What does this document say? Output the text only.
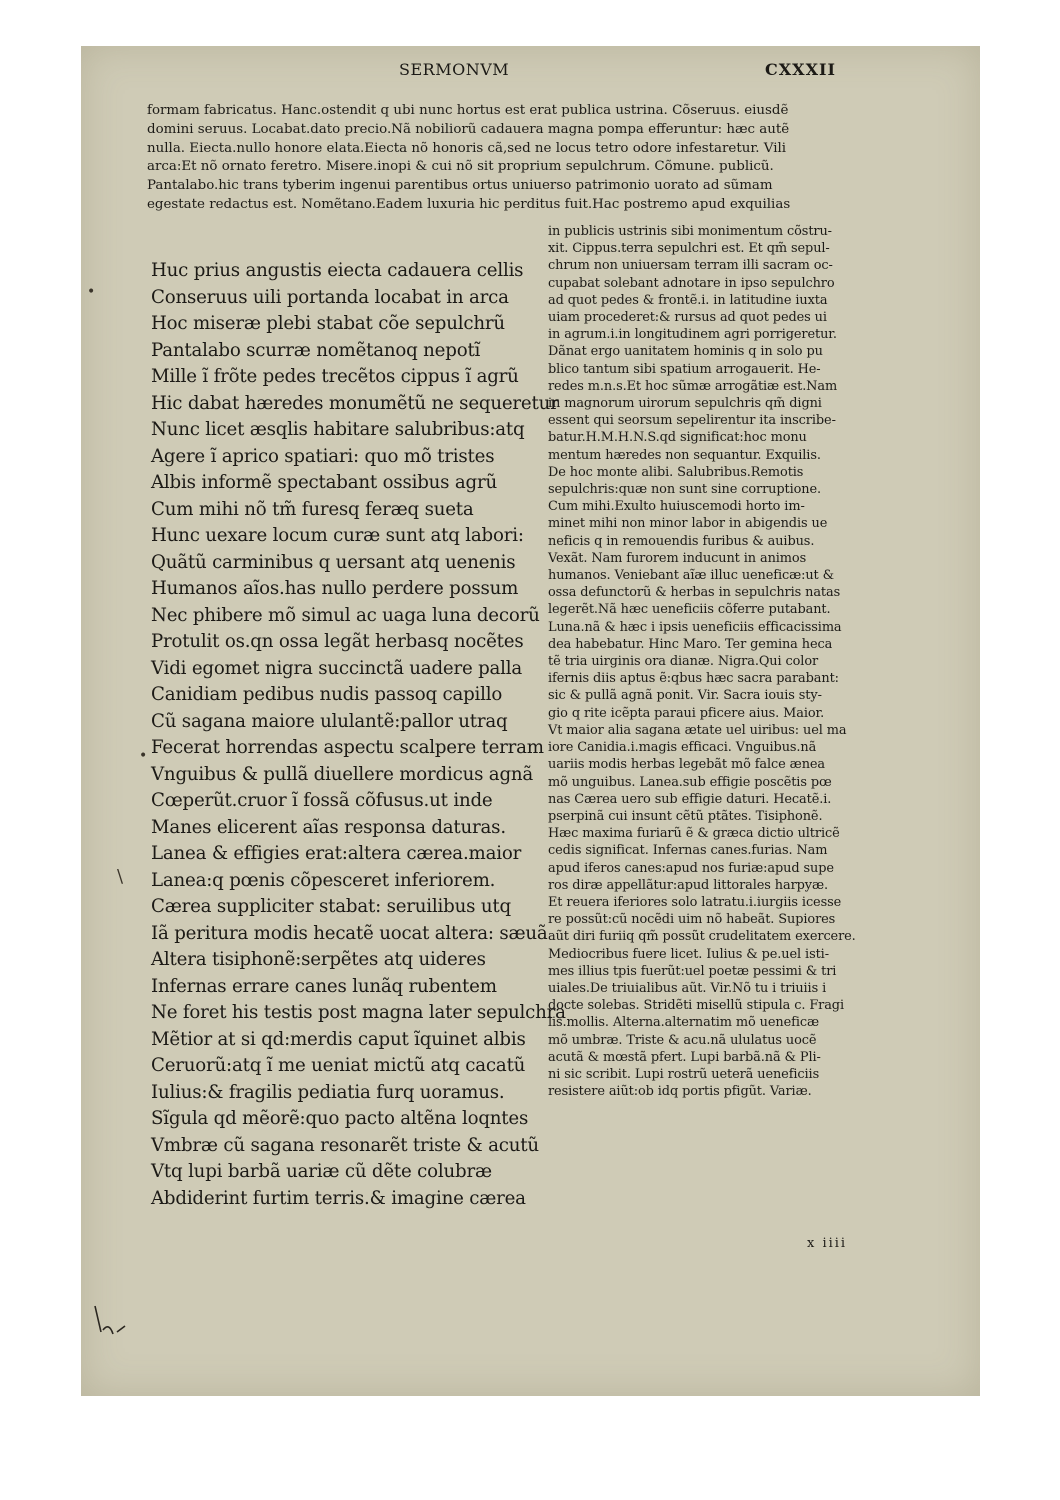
SERMONVM	CXXXII
formam fabricatus. Hanc.ostendit q ubi nunc hortus est erat publica ustrina. Cõseruus. eiusdẽ
domini seruus. Locabat.dato precio.Nã nobiliorũ cadauera magna pompa efferuntur: hæc autẽ
nulla. Eiecta.nullo honore elata.Eiecta nõ honoris cã,sed ne locus tetro odore infestaretur. Vili
arca:Et nõ ornato feretro. Misere.inopi & cui nõ sit proprium sepulchrum. Cõmune. publicũ.
Pantalabo.hic trans tyberim ingenui parentibus ortus uniuerso patrimonio uorato ad sũmam
egestate redactus est. Nomẽtano.Eadem luxuria hic perditus fuit.Hac postremo apud exquilias
Huc prius angustis eiecta cadauera cellis
Conseruus uili portanda locabat in arca
Hoc miseræ plebi stabat cõe sepulchrũ
Pantalabo scurræ nomẽtanoq nepotĩ
Mille ĩ frõte pedes trecẽtos cippus ĩ agrũ
Hic dabat hæredes monumẽtũ ne sequeretur
Nunc licet æsqlis habitare salubribus:atq
Agere ĩ aprico spatiari: quo mõ tristes
Albis informẽ spectabant ossibus agrũ
Cum mihi nõ tm̃ furesq feræq sueta
Hunc uexare locum curæ sunt atq labori:
Quãtũ carminibus q uersant atq uenenis
Humanos aĩos.has nullo perdere possum
Nec phibere mõ simul ac uaga luna decorũ
Protulit os.qn ossa legãt herbasq nocẽtes
Vidi egomet nigra succinctã uadere palla
Canidiam pedibus nudis passoq capillo
Cũ sagana maiore ululantẽ:pallor utraq
Fecerat horrendas aspectu scalpere terram
Vnguibus & pullã diuellere mordicus agnã
Cœperũt.cruor ĩ fossã cõfusus.ut inde
Manes elicerent aĩas responsa daturas.
Lanea & effigies erat:altera cærea.maior
Lanea:q pœnis cõpesceret inferiorem.
Cærea suppliciter stabat: seruilibus utq
Iã peritura modis hecatẽ uocat altera: sæuã
Altera tisiphonẽ:serpẽtes atq uideres
Infernas errare canes lunãq rubentem
Ne foret his testis post magna later sepulchra
Mẽtior at si qd:merdis caput ĩquinet albis
Ceruorũ:atq ĩ me ueniat mictũ atq cacatũ
Iulius:& fragilis pediatia furq uoramus.
Sĩgula qd mẽorẽ:quo pacto altẽna loqntes
Vmbræ cũ sagana resonarẽt triste & acutũ
Vtq lupi barbã uariæ cũ dẽte colubræ
Abdiderint furtim terris.& imagine cærea
in publicis ustrinis sibi monimentum cõstru-
xit. Cippus.terra sepulchri est. Et qm̃ sepul-
chrum non uniuersam terram illi sacram oc-
cupabat solebant adnotare in ipso sepulchro
ad quot pedes & frontẽ.i. in latitudine iuxta
uiam procederet:& rursus ad quot pedes ui
in agrum.i.in longitudinem agri porrigeretur.
Dãnat ergo uanitatem hominis q in solo pu
blico tantum sibi spatium arrogauerit. He-
redes m.n.s.Et hoc sũmæ arrogãtiæ est.Nam
in magnorum uirorum sepulchris qm̃ digni
essent qui seorsum sepelirentur ita inscribe-
batur.H.M.H.N.S.qd significat:hoc monu
mentum hæredes non sequantur. Exquilis.
De hoc monte alibi. Salubribus.Remotis
sepulchris:quæ non sunt sine corruptione.
Cum mihi.Exulto huiuscemodi horto im-
minet mihi non minor labor in abigendis ue
neficis q in remouendis furibus & auibus.
Vexãt. Nam furorem inducunt in animos
humanos. Veniebant aĩæ illuc ueneficæ:ut &
ossa defunctorũ & herbas in sepulchris natas
legerẽt.Nã hæc ueneficiis cõferre putabant.
Luna.nã & hæc i ipsis ueneficiis efficacissima
dea habebatur. Hinc Maro. Ter gemina heca
tẽ tria uirginis ora dianæ. Nigra.Qui color
ifernis diis aptus ẽ:qbus hæc sacra parabant:
sic & pullã agnã ponit. Vir. Sacra iouis sty-
gio q rite icẽpta paraui pficere aius. Maior.
Vt maior alia sagana ætate uel uiribus: uel ma
iore Canidia.i.magis efficaci. Vnguibus.nã
uariis modis herbas legebãt mõ falce ænea
mõ unguibus. Lanea.sub effigie poscẽtis pœ
nas Cærea uero sub effigie daturi. Hecatẽ.i.
pserpinã cui insunt cẽtũ ptãtes. Tisiphonẽ.
Hæc maxima furiarũ ẽ & græca dictio ultricẽ
cedis significat. Infernas canes.furias. Nam
apud iferos canes:apud nos furiæ:apud supe
ros diræ appellãtur:apud littorales harpyæ.
Et reuera iferiores solo latratu.i.iurgiis icesse
re possũt:cũ nocẽdi uim nõ habeãt. Supiores
aũt diri furiiq qm̃ possũt crudelitatem exercere.
Mediocribus fuere licet. Iulius & pe.uel isti-
mes illius tpis fuerũt:uel poetæ pessimi & tri
uiales.De triuialibus aũt. Vir.Nõ tu i triuiis i
docte solebas. Stridẽti misellũ stipula c. Fragi
lis.mollis. Alterna.alternatim mõ ueneficæ
mõ umbræ. Triste & acu.nã ululatus uocẽ
acutã & mœstã pfert. Lupi barbã.nã & Pli-
ni sic scribit. Lupi rostrũ ueterã ueneficiis
resistere aiũt:ob idq portis pfigũt. Variæ.
x iiii
•
•
\
